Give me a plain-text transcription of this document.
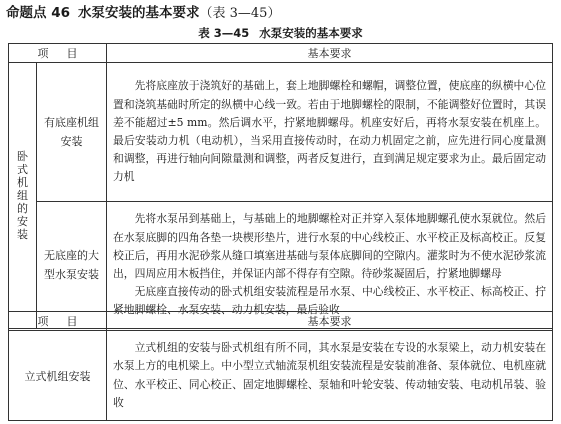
命题点 46 水泵安装的基本要求（表 3—45）
表 3—45 水泵安装的基本要求
项目		基本要求
卧式机组的安装	有底座机组安装	先将底座放于浇筑好的基础上，套上地脚螺栓和螺帽，调整位置，使底座的纵横中心位置和浇筑基础时所定的纵横中心线一致。若由于地脚螺栓的限制，不能调整好位置时，其误差不能超过±5 mm。然后调水平，拧紧地脚螺母。机座安好后，再将水泵安装在机座上。最后安装动力机（电动机），当采用直接传动时，在动力机固定之前，应先进行同心度量测和调整，再进行轴向间隙量测和调整，两者反复进行，直到满足规定要求为止。最后固定动力机

	无底座的大型水泵安装	先将水泵吊到基础上，与基础上的地脚螺栓对正并穿入泵体地脚螺孔使水泵就位。然后在水泵底脚的四角各垫一块楔形垫片，进行水泵的中心线校正、水平校正及标高校正。反复校正后，再用水泥砂浆从缝口填塞进基础与泵体底脚间的空隙内。灌浆时为不使水泥砂浆流出，四周应用木板挡住，并保证内部不得存有空隙。待砂浆凝固后，拧紧地脚螺母

无底座直接传动的卧式机组安装流程是吊水泵、中心线校正、水平校正、标高校正、拧紧地脚螺栓、水泵安装、动力机安装，最后验收

项目	基本要求
立式机组安装	立式机组的安装与卧式机组有所不同，其水泵是安装在专设的水泵梁上，动力机安装在水泵上方的电机梁上。中小型立式轴流泵机组安装流程是安装前准备、泵体就位、电机座就位、水平校正、同心校正、固定地脚螺栓、泵轴和叶轮安装、传动轴安装、电动机吊装、验收
